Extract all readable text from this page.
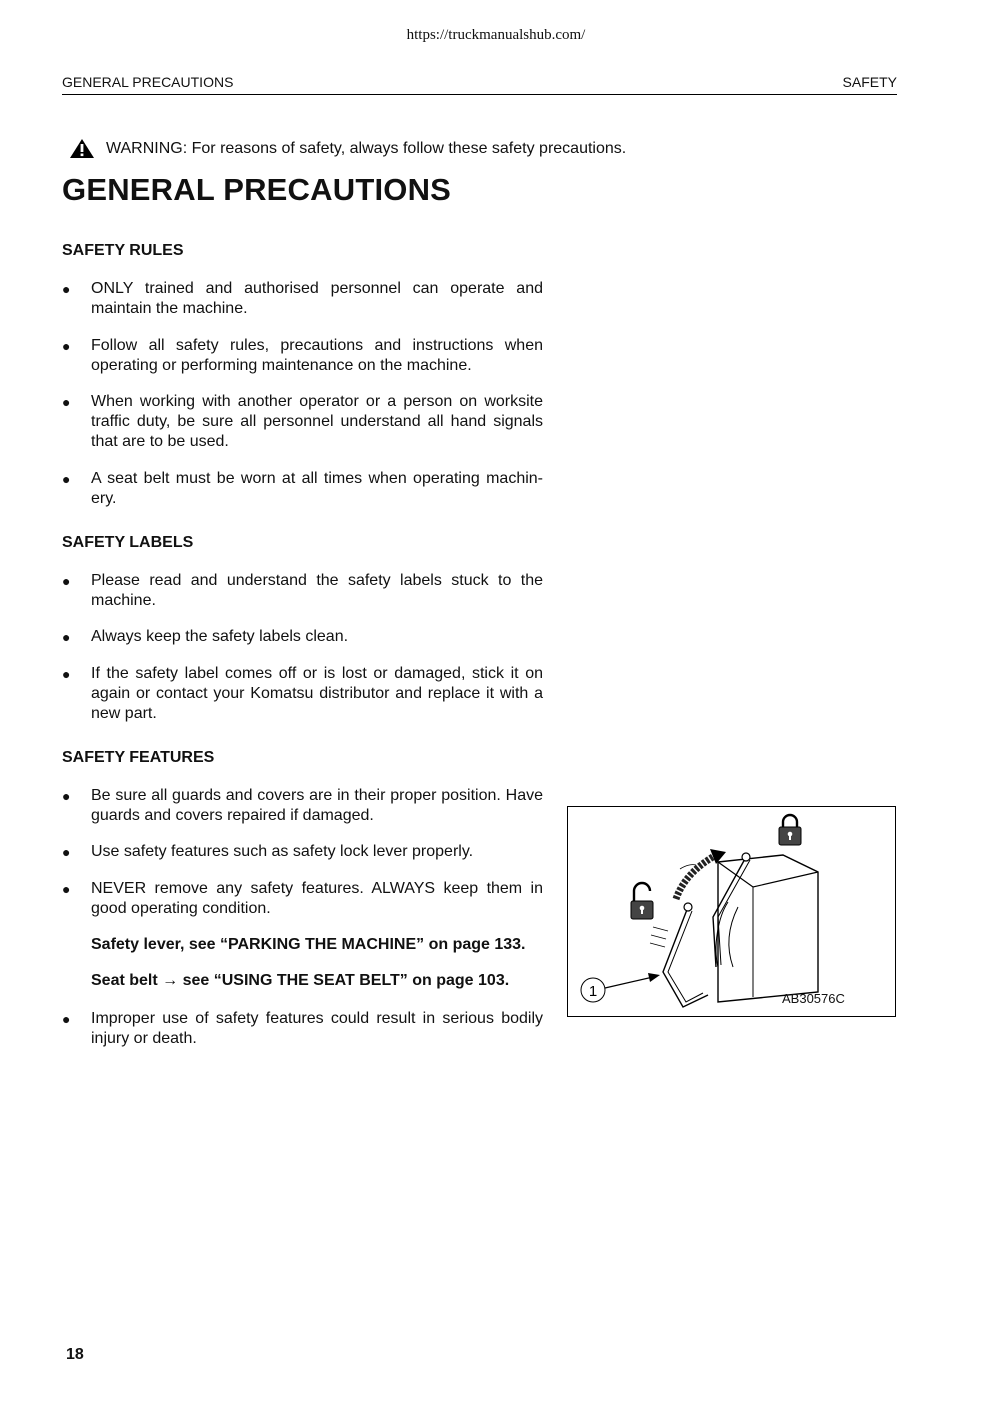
https://truckmanualshub.com/
GENERAL PRECAUTIONS	SAFETY
WARNING: For reasons of safety, always follow these safety precautions.
GENERAL PRECAUTIONS
SAFETY RULES
● ONLY trained and authorised personnel can operate and maintain the machine.
● Follow all safety rules, precautions and instructions when operating or performing maintenance on the machine.
● When working with another operator or a person on worksite traffic duty, be sure all personnel understand all hand signals that are to be used.
● A seat belt must be worn at all times when operating machin-ery.
SAFETY LABELS
● Please read and understand the safety labels stuck to the machine.
● Always keep the safety labels clean.
● If the safety label comes off or is lost or damaged, stick it on again or contact your Komatsu distributor and replace it with a new part.
SAFETY FEATURES
● Be sure all guards and covers are in their proper position. Have guards and covers repaired if damaged.
● Use safety features such as safety lock lever properly.
● NEVER remove any safety features. ALWAYS keep them in good operating condition.
Safety lever, see “PARKING THE MACHINE” on page 133.
Seat belt → see “USING THE SEAT BELT” on page 103.
● Improper use of safety features could result in serious bodily injury or death.
1	AB30576C
18
